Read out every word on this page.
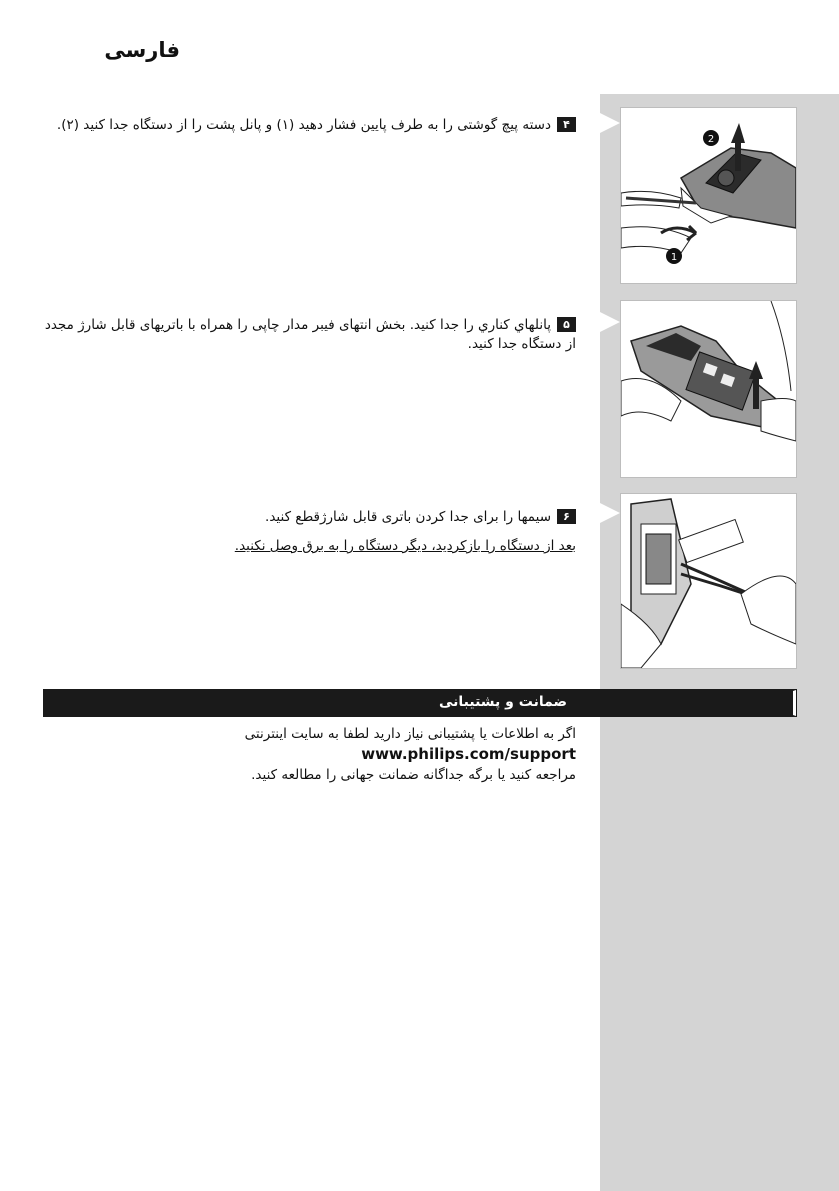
فارسی
۴دسته پیچ گوشتی را به طرف پایین فشار دهید (۱) و پانل پشت را از دستگاه جدا کنید (۲).
۵پانلهاي كناري را جدا كنيد. بخش انتهای فیبر مدار چاپی را همراه با باتریهای قابل شارژ مجدد از دستگاه جدا کنید.
۶سیمها را برای جدا کردن باتری قابل شارژقطع کنید.
بعد از دستگاه را بازكرديد، دیگر دستگاه را به برق وصل نکنید.
2
1
ضمانت و پشتیبانی
اگر به اطلاعات یا پشتیبانی نیاز دارید لطفا به سایت اینترنتی www.philips.com/support
مراجعه کنید یا برگه جداگانه ضمانت جهانی را مطالعه کنید.
